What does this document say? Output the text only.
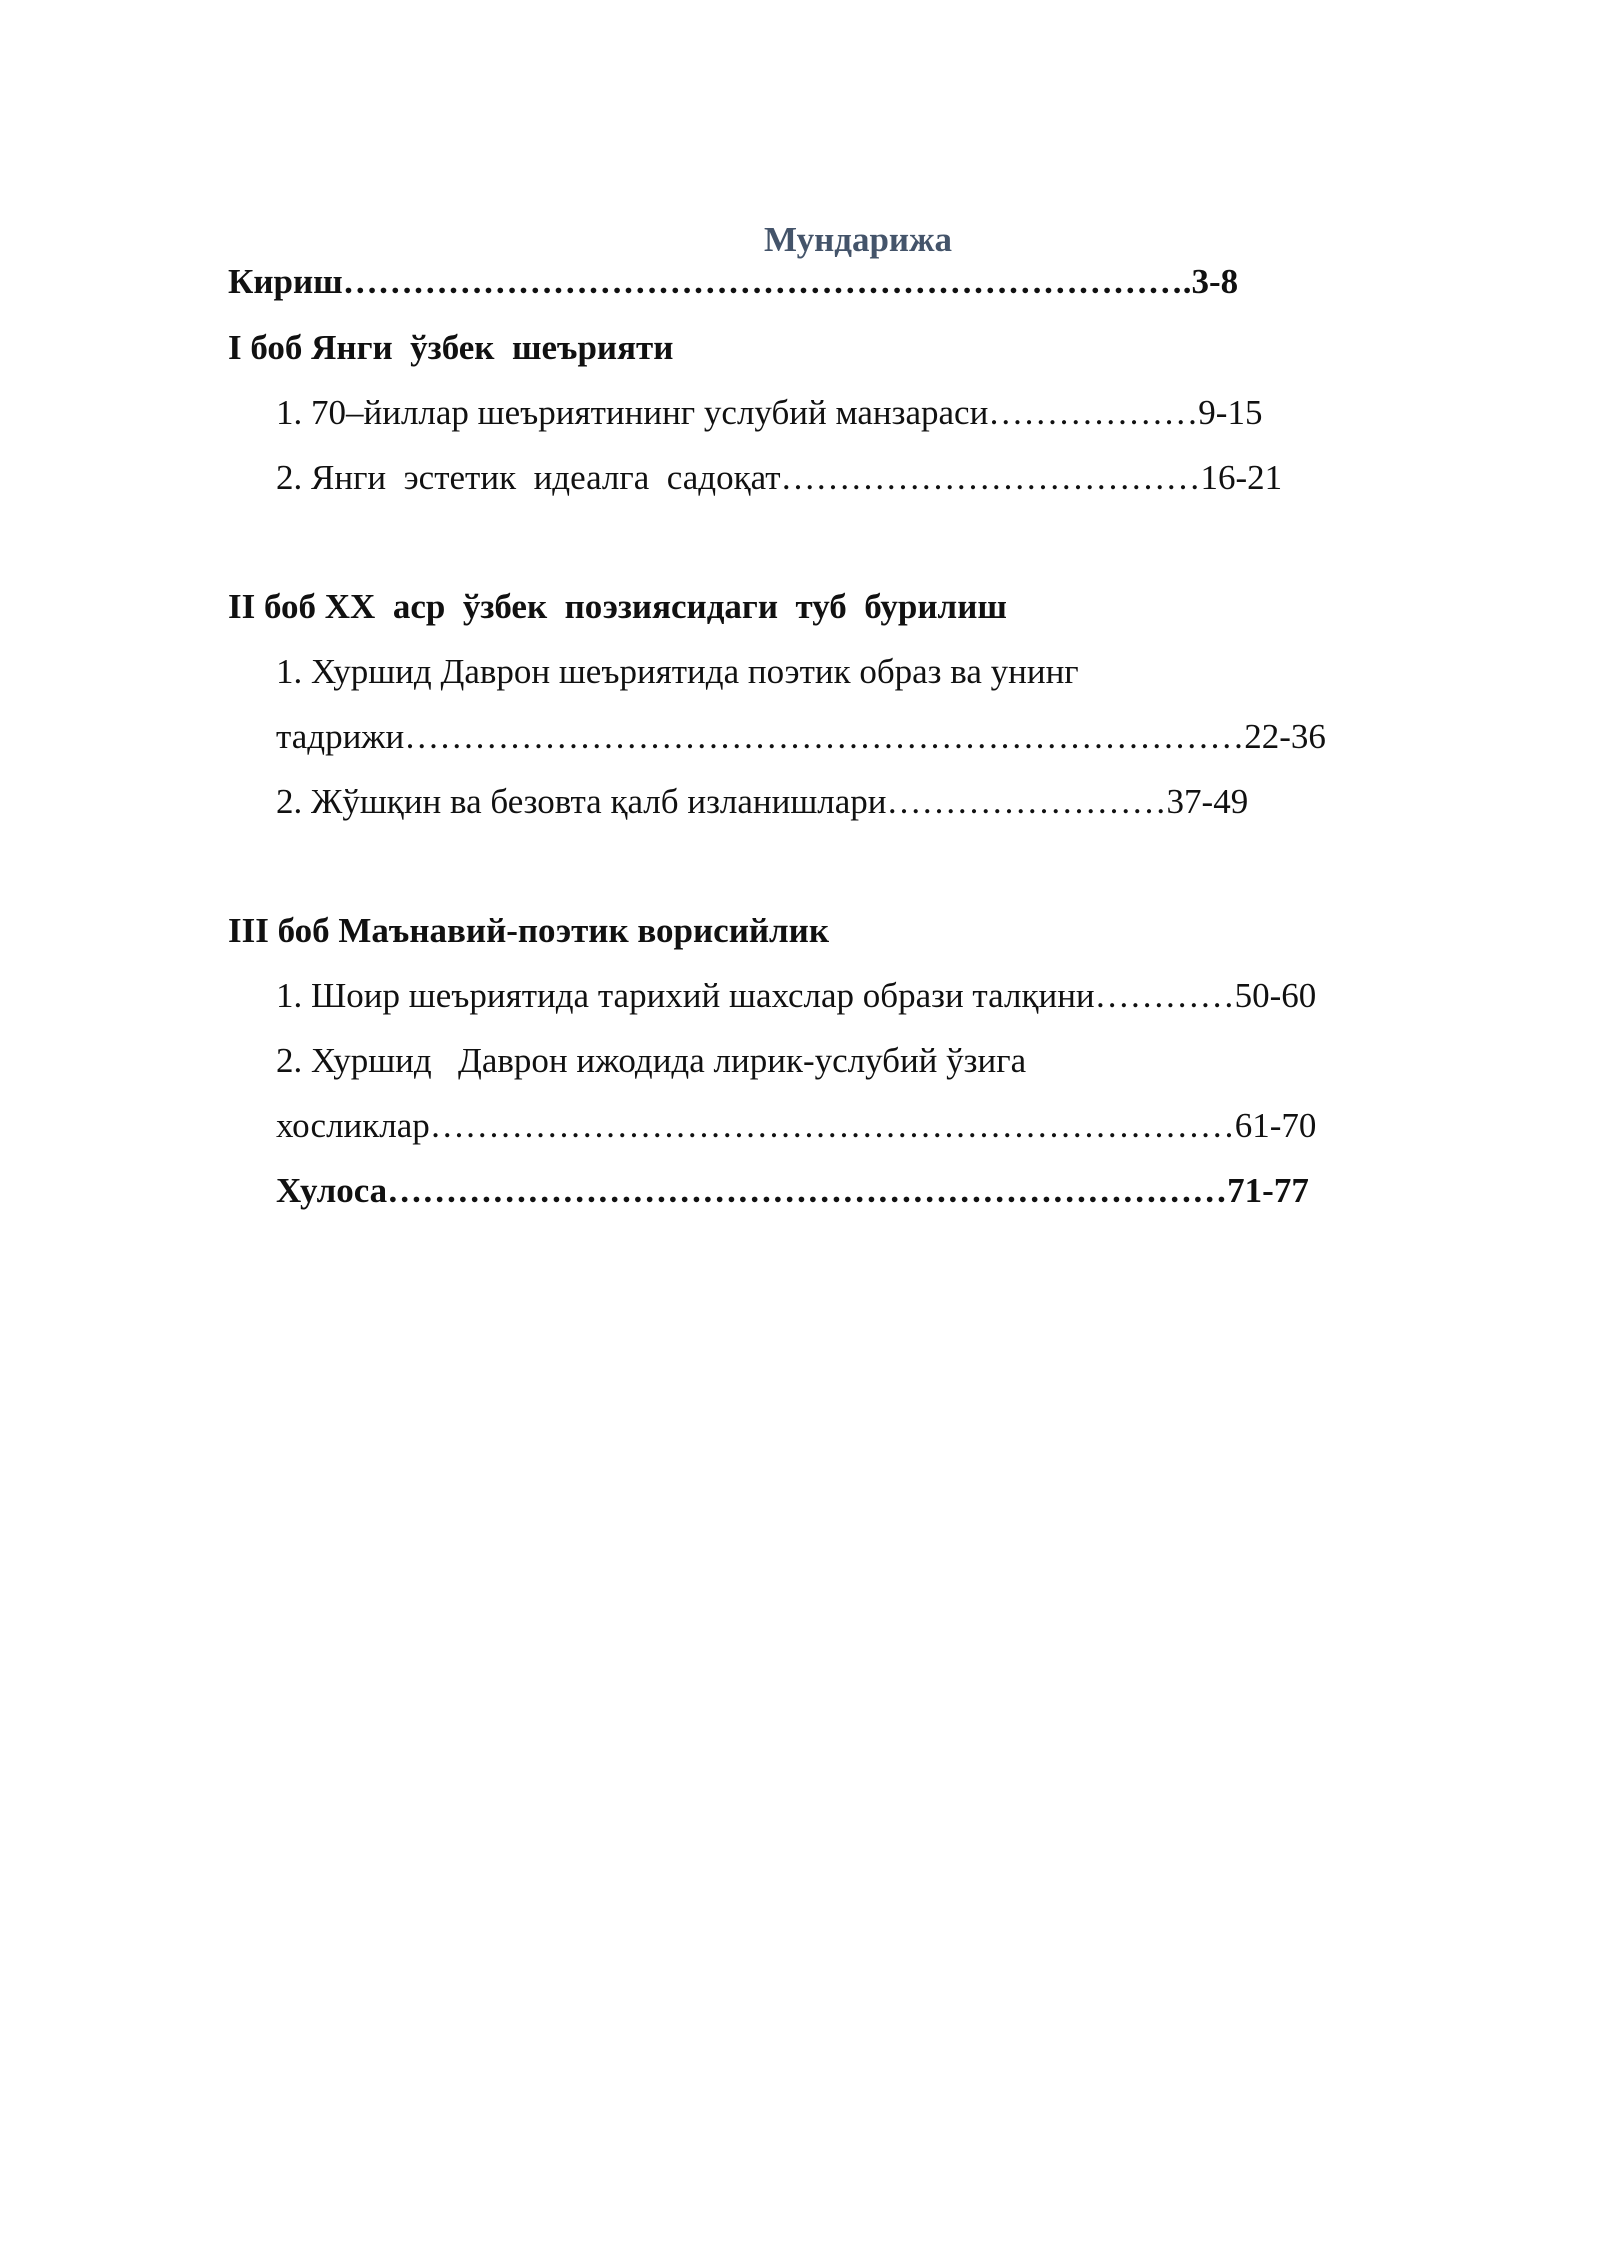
Мундарижа
Кириш……………………………………………………………….3-8
I боб Янги  ўзбек  шеърияти
1. 70–йиллар шеъриятининг услубий манзараси………………9-15
2. Янги  эстетик  идеалга  садоқат………………………………16-21
II боб XX  аср  ўзбек  поэзиясидаги  туб  бурилиш
1. Хуршид Даврон шеъриятида поэтик образ ва унинг
тадрижи………………………………………………………………22-36
2. Жўшқин ва безовта қалб изланишлари……………………37-49
III боб Маънавий-поэтик ворисийлик
1. Шоир шеъриятида тарихий шахслар образи талқини…………50-60
2. Хуршид   Даврон ижодида лирик-услубий ўзига
хосликлар……………………………………………………………61-70
Хулоса………………………………………………………………71-77
